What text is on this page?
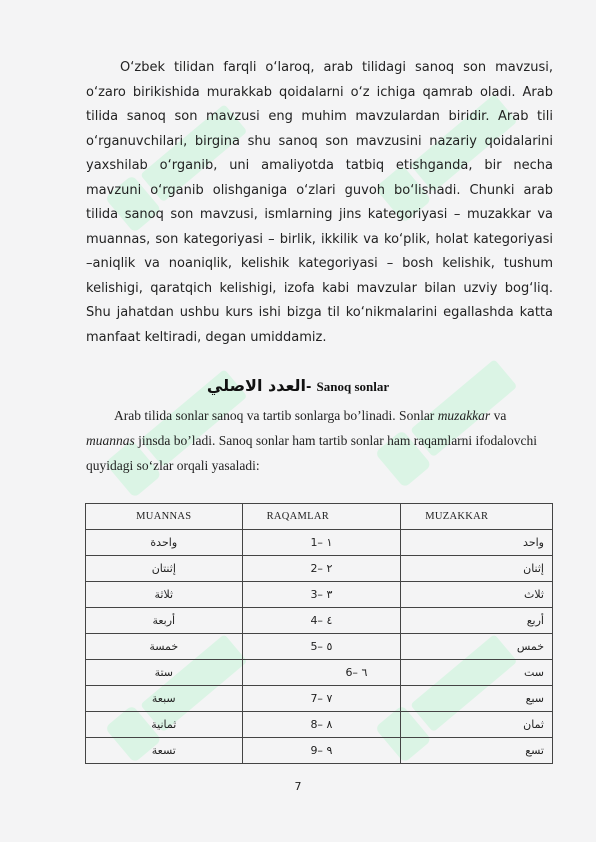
O‘zbek tilidan farqli o‘laroq, arab tilidagi sanoq son mavzusi, o‘zaro birikishida murakkab qoidalarni o‘z ichiga qamrab oladi. Arab tilida sanoq son mavzusi eng muhim mavzulardan biridir. Arab tili o‘rganuvchilari, birgina shu sanoq son mavzusini nazariy qoidalarini yaxshilab o‘rganib, uni amaliyotda tatbiq etishganda, bir necha mavzuni o‘rganib olishganiga o‘zlari guvoh bo‘lishadi. Chunki arab tilida sanoq son mavzusi, ismlarning jins kategoriyasi – muzakkar va muannas, son kategoriyasi – birlik, ikkilik va ko‘plik, holat kategoriyasi –aniqlik va noaniqlik, kelishik kategoriyasi – bosh kelishik, tushum kelishigi, qaratqich kelishigi, izofa kabi mavzular bilan uzviy bog‘liq. Shu jahatdan ushbu kurs ishi bizga til ko‘nikmalarini egallashda katta manfaat keltiradi, degan umiddamiz.

العدد الاصلي- Sanoq sonlar

Arab tilida sonlar sanoq va tartib sonlarga bo’linadi. Sonlar muzakkar va muannas jinsda bo’ladi. Sanoq sonlar ham tartib sonlar ham raqamlarni ifodalovchi quyidagi so‘zlar orqali yasaladi:

MUANNAS	RAQAMLAR	MUZAKKAR
واحدة	1– ١	واحد
إثنتان	2– ٢	إثنان
ثلاثة	3– ٣	ثلاث
أربعة	4– ٤	أربع
خمسة	5– ٥	خمس
ستة	6– ٦	ست
سبعة	7– ٧	سبع
ثمانية	8– ٨	ثمان
تسعة	9– ٩	تسع
7
